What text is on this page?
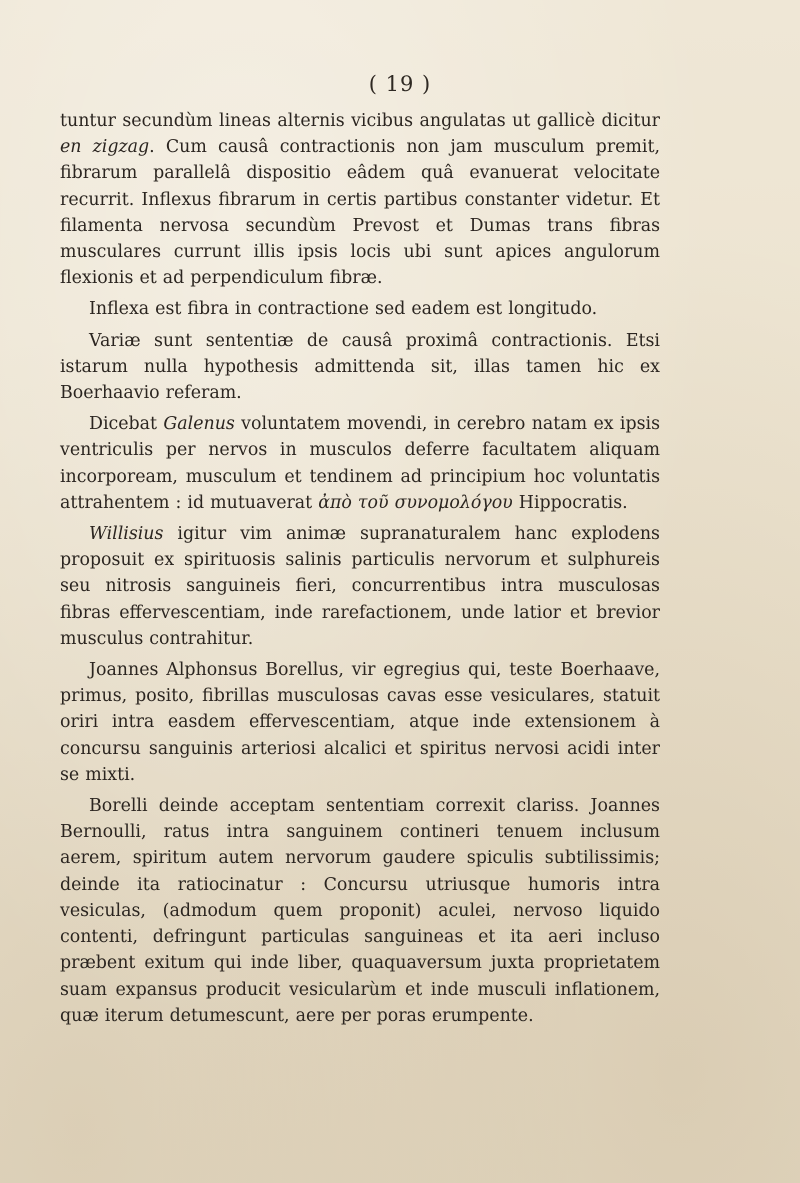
( 19 )

tuntur secundùm lineas alternis vicibus angulatas ut gallicè dicitur en zigzag. Cum causâ contractionis non jam musculum premit, fibrarum parallelâ dispositio eâdem quâ evanuerat velocitate recurrit. Inflexus fibrarum in certis partibus constanter videtur. Et filamenta nervosa secundùm Prevost et Dumas trans fibras musculares currunt illis ipsis locis ubi sunt apices angulorum flexionis et ad perpendiculum fibræ.

Inflexa est fibra in contractione sed eadem est longitudo.

Variæ sunt sententiæ de causâ proximâ contractionis. Etsi istarum nulla hypothesis admittenda sit, illas tamen hic ex Boerhaavio referam.

Dicebat Galenus voluntatem movendi, in cerebro natam ex ipsis ventriculis per nervos in musculos deferre facultatem aliquam incorpoream, musculum et tendinem ad principium hoc voluntatis attrahentem : id mutuaverat ἀπὸ τοῦ συνομολόγου Hippocratis.

Willisius igitur vim animæ supranaturalem hanc explodens proposuit ex spirituosis salinis particulis nervorum et sulphureis seu nitrosis sanguineis fieri, concurrentibus intra musculosas fibras effervescentiam, inde rarefactionem, unde latior et brevior musculus contrahitur.

Joannes Alphonsus Borellus, vir egregius qui, teste Boerhaave, primus, posito, fibrillas musculosas cavas esse vesiculares, statuit oriri intra easdem effervescentiam, atque inde extensionem à concursu sanguinis arteriosi alcalici et spiritus nervosi acidi inter se mixti.

Borelli deinde acceptam sententiam correxit clariss. Joannes Bernoulli, ratus intra sanguinem contineri tenuem inclusum aerem, spiritum autem nervorum gaudere spiculis subtilissimis; deinde ita ratiocinatur : Concursu utriusque humoris intra vesiculas, (admodum quem proponit) aculei, nervoso liquido contenti, defringunt particulas sanguineas et ita aeri incluso præbent exitum qui inde liber, quaquaversum juxta proprietatem suam expansus producit vesicularùm et inde musculi inflationem, quæ iterum detumescunt, aere per poras erumpente.
